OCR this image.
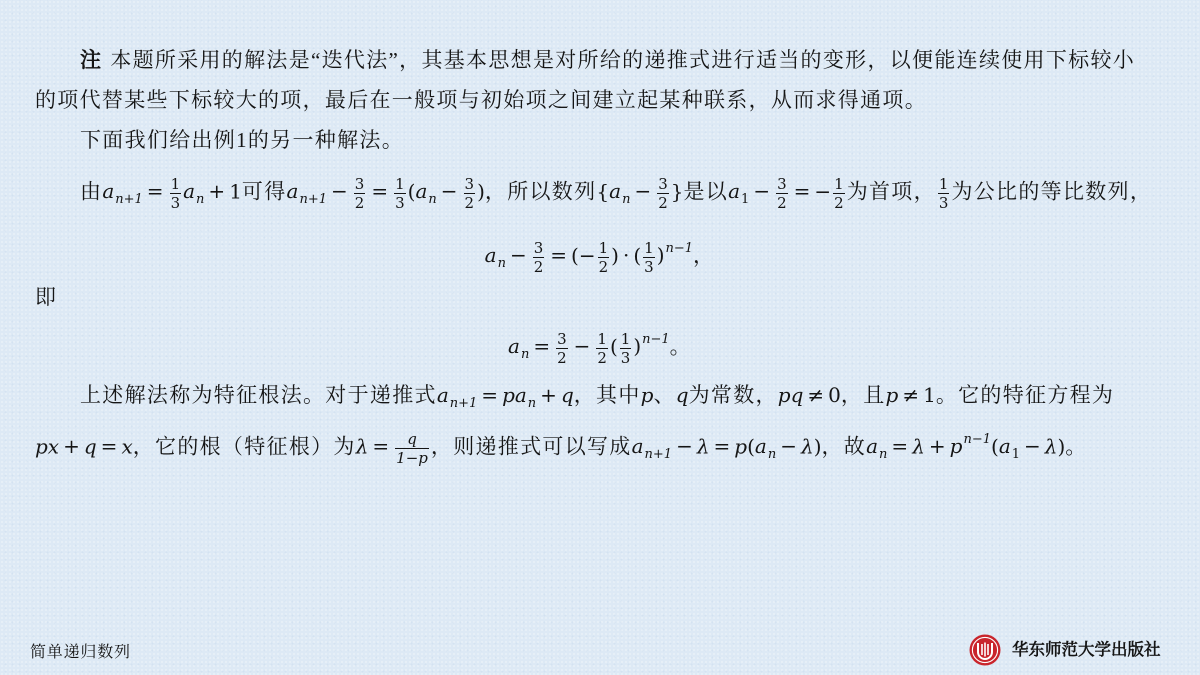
注 本题所采用的解法是“迭代法”，其基本思想是对所给的递推式进行适当的变形，以便能连续使用下标较小
的项代替某些下标较大的项，最后在一般项与初始项之间建立起某种联系，从而求得通项。
下面我们给出例1的另一种解法。
由$a_{n+1} = \frac{1}{3} a_n + 1$可得$a_{n+1} - \frac{3}{2} = \frac{1}{3} (a_n - \frac{3}{2}$ )，所以数列{$a_n - \frac{3}{2}$ }是以$a_1 - \frac{3}{2}$ = − $\frac{1}{2}$ 为首项， $\frac{1}{3}$ 为公比的等比数列，
$a_n - \frac{3}{2}$ = (− $\frac{1}{2}$ ) · ( $\frac{1}{3} )^{n-1}$，
即
$a_n = \frac{3}{2} - \frac{1}{2}$ ( $\frac{1}{3} )^{n-1}$。
上述解法称为特征根法。对于递推式$a_{n+1} = pa_n + q$，其中p、q为常数，pq ≠ 0，且p ≠ 1。它的特征方程为
px + q = x，它的根（特征根）为$\lambda = \frac{q}{1-p}$ ，则递推式可以写成$a_{n+1} - \lambda = p(a_n - \lambda)$，故$a_n = \lambda + p^{n-1}(a_1 - \lambda)$。
简单递归数列	华东师范大学出版社
